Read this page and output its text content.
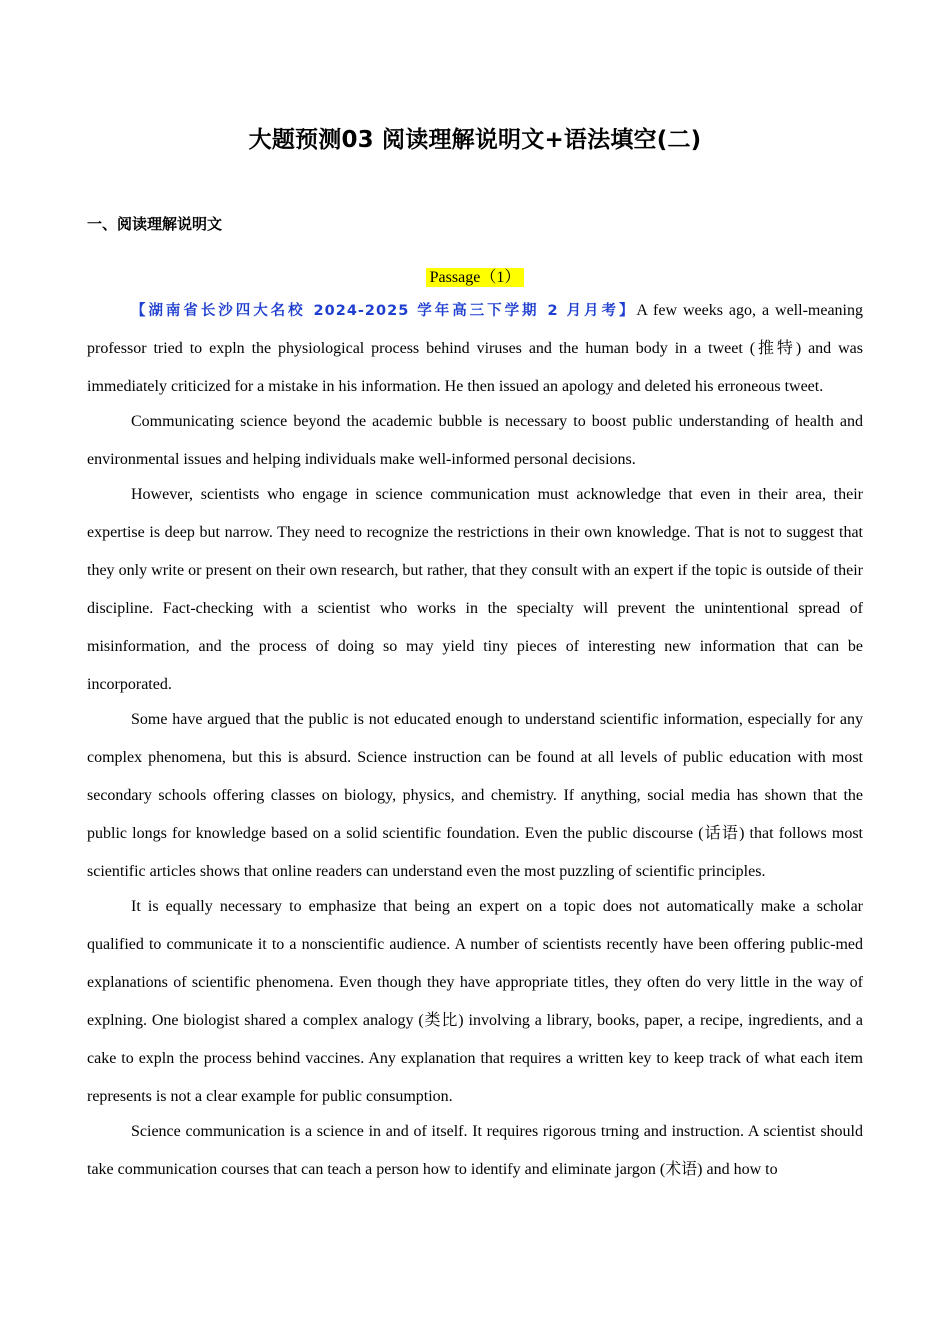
大题预测03 阅读理解说明文+语法填空(二)
一、阅读理解说明文
Passage（1）

【湖南省长沙四大名校 2024-2025 学年高三下学期 2 月月考】A few weeks ago, a well-meaning professor tried to expln the physiological process behind viruses and the human body in a tweet (推特) and was immediately criticized for a mistake in his information. He then issued an apology and deleted his erroneous tweet.

Communicating science beyond the academic bubble is necessary to boost public understanding of health and environmental issues and helping individuals make well-informed personal decisions.

However, scientists who engage in science communication must acknowledge that even in their area, their expertise is deep but narrow. They need to recognize the restrictions in their own knowledge. That is not to suggest that they only write or present on their own research, but rather, that they consult with an expert if the topic is outside of their discipline. Fact-checking with a scientist who works in the specialty will prevent the unintentional spread of misinformation, and the process of doing so may yield tiny pieces of interesting new information that can be incorporated.

Some have argued that the public is not educated enough to understand scientific information, especially for any complex phenomena, but this is absurd. Science instruction can be found at all levels of public education with most secondary schools offering classes on biology, physics, and chemistry. If anything, social media has shown that the public longs for knowledge based on a solid scientific foundation. Even the public discourse (话语) that follows most scientific articles shows that online readers can understand even the most puzzling of scientific principles.

It is equally necessary to emphasize that being an expert on a topic does not automatically make a scholar qualified to communicate it to a nonscientific audience. A number of scientists recently have been offering public-med explanations of scientific phenomena. Even though they have appropriate titles, they often do very little in the way of explning. One biologist shared a complex analogy (类比) involving a library, books, paper, a recipe, ingredients, and a cake to expln the process behind vaccines. Any explanation that requires a written key to keep track of what each item represents is not a clear example for public consumption.

Science communication is a science in and of itself. It requires rigorous trning and instruction. A scientist should take communication courses that can teach a person how to identify and eliminate jargon (术语) and how to
